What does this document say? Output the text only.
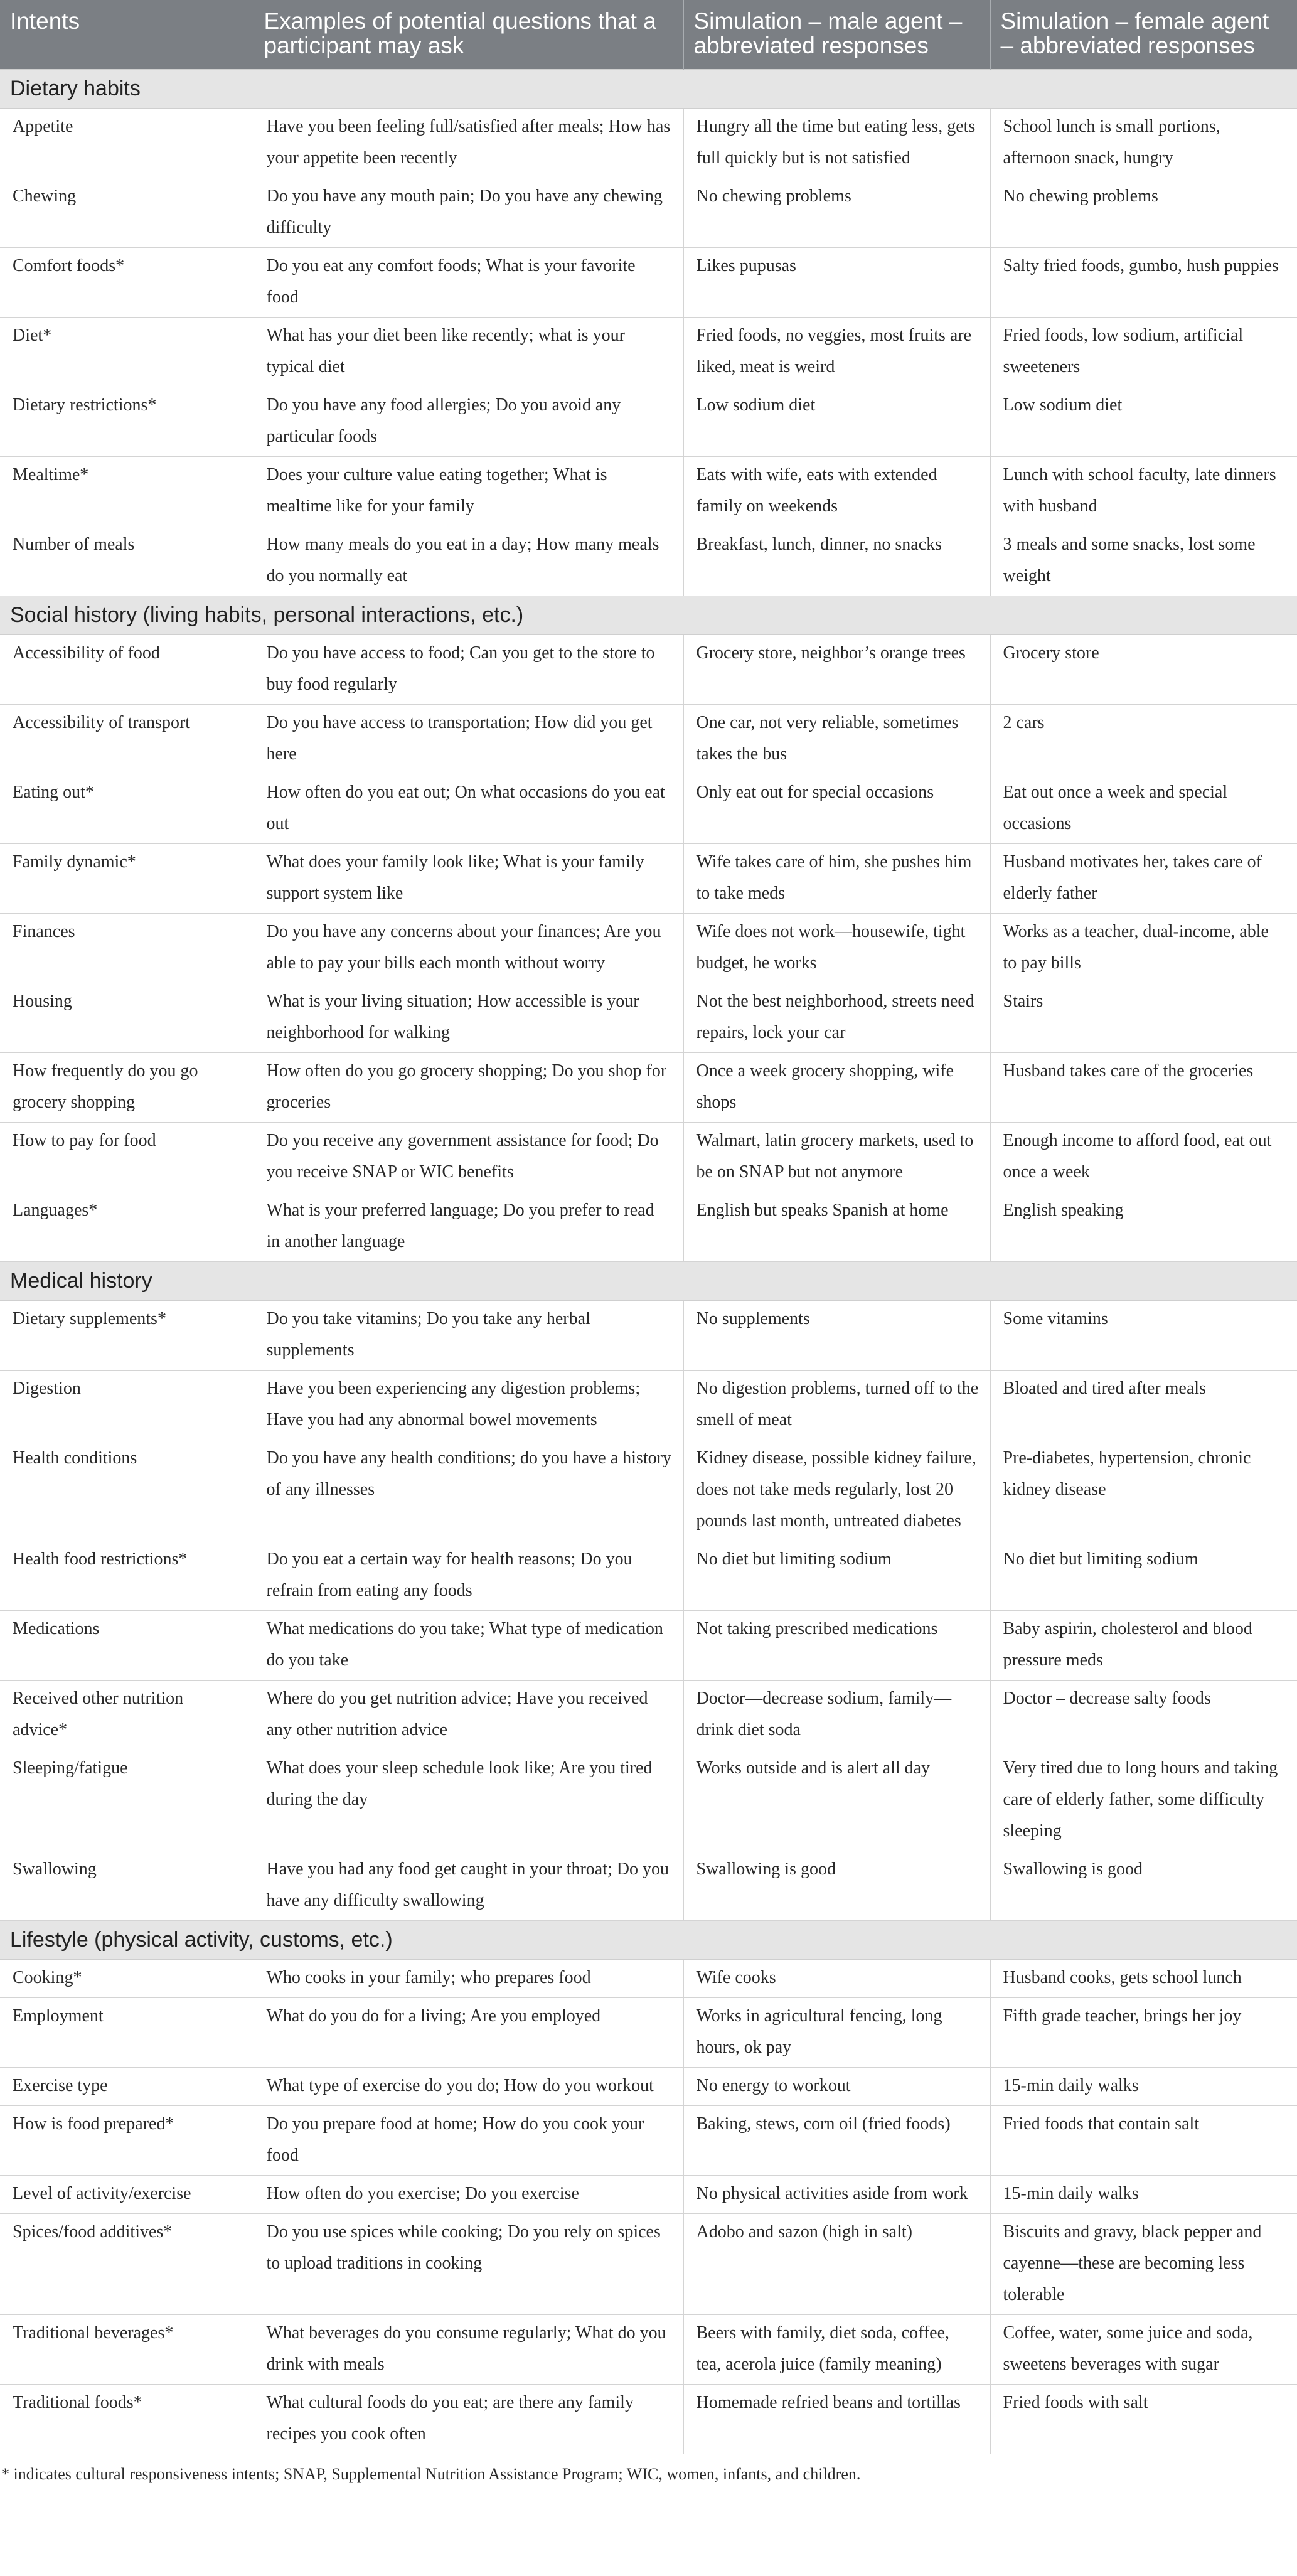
Intents	Examples of potential questions that a participant may ask	Simulation – male agent – abbreviated responses	Simulation – female agent – abbreviated responses
Dietary habits			
Appetite	Have you been feeling full/satisfied after meals; How has your appetite been recently	Hungry all the time but eating less, gets full quickly but is not satisfied	School lunch is small portions, afternoon snack, hungry
Chewing	Do you have any mouth pain; Do you have any chewing difficulty	No chewing problems	No chewing problems
Comfort foods*	Do you eat any comfort foods; What is your favorite food	Likes pupusas	Salty fried foods, gumbo, hush puppies
Diet*	What has your diet been like recently; what is your typical diet	Fried foods, no veggies, most fruits are liked, meat is weird	Fried foods, low sodium, artificial sweeteners
Dietary restrictions*	Do you have any food allergies; Do you avoid any particular foods	Low sodium diet	Low sodium diet
Mealtime*	Does your culture value eating together; What is mealtime like for your family	Eats with wife, eats with extended family on weekends	Lunch with school faculty, late dinners with husband
Number of meals	How many meals do you eat in a day; How many meals do you normally eat	Breakfast, lunch, dinner, no snacks	3 meals and some snacks, lost some weight
Social history (living habits, personal interactions, etc.)			
Accessibility of food	Do you have access to food; Can you get to the store to buy food regularly	Grocery store, neighbor’s orange trees	Grocery store
Accessibility of transport	Do you have access to transportation; How did you get here	One car, not very reliable, sometimes takes the bus	2 cars
Eating out*	How often do you eat out; On what occasions do you eat out	Only eat out for special occasions	Eat out once a week and special occasions
Family dynamic*	What does your family look like; What is your family support system like	Wife takes care of him, she pushes him to take meds	Husband motivates her, takes care of elderly father
Finances	Do you have any concerns about your finances; Are you able to pay your bills each month without worry	Wife does not work—housewife, tight budget, he works	Works as a teacher, dual-income, able to pay bills
Housing	What is your living situation; How accessible is your neighborhood for walking	Not the best neighborhood, streets need repairs, lock your car	Stairs
How frequently do you go grocery shopping	How often do you go grocery shopping; Do you shop for groceries	Once a week grocery shopping, wife shops	Husband takes care of the groceries
How to pay for food	Do you receive any government assistance for food; Do you receive SNAP or WIC benefits	Walmart, latin grocery markets, used to be on SNAP but not anymore	Enough income to afford food, eat out once a week
Languages*	What is your preferred language; Do you prefer to read in another language	English but speaks Spanish at home	English speaking
Medical history			
Dietary supplements*	Do you take vitamins; Do you take any herbal supplements	No supplements	Some vitamins
Digestion	Have you been experiencing any digestion problems; Have you had any abnormal bowel movements	No digestion problems, turned off to the smell of meat	Bloated and tired after meals
Health conditions	Do you have any health conditions; do you have a history of any illnesses	Kidney disease, possible kidney failure, does not take meds regularly, lost 20 pounds last month, untreated diabetes	Pre-diabetes, hypertension, chronic kidney disease
Health food restrictions*	Do you eat a certain way for health reasons; Do you refrain from eating any foods	No diet but limiting sodium	No diet but limiting sodium
Medications	What medications do you take; What type of medication do you take	Not taking prescribed medications	Baby aspirin, cholesterol and blood pressure meds
Received other nutrition advice*	Where do you get nutrition advice; Have you received any other nutrition advice	Doctor—decrease sodium, family—drink diet soda	Doctor – decrease salty foods
Sleeping/fatigue	What does your sleep schedule look like; Are you tired during the day	Works outside and is alert all day	Very tired due to long hours and taking care of elderly father, some difficulty sleeping
Swallowing	Have you had any food get caught in your throat; Do you have any difficulty swallowing	Swallowing is good	Swallowing is good
Lifestyle (physical activity, customs, etc.)			
Cooking*	Who cooks in your family; who prepares food	Wife cooks	Husband cooks, gets school lunch
Employment	What do you do for a living; Are you employed	Works in agricultural fencing, long hours, ok pay	Fifth grade teacher, brings her joy
Exercise type	What type of exercise do you do; How do you workout	No energy to workout	15-min daily walks
How is food prepared*	Do you prepare food at home; How do you cook your food	Baking, stews, corn oil (fried foods)	Fried foods that contain salt
Level of activity/exercise	How often do you exercise; Do you exercise	No physical activities aside from work	15-min daily walks
Spices/food additives*	Do you use spices while cooking; Do you rely on spices to upload traditions in cooking	Adobo and sazon (high in salt)	Biscuits and gravy, black pepper and cayenne—these are becoming less tolerable
Traditional beverages*	What beverages do you consume regularly; What do you drink with meals	Beers with family, diet soda, coffee, tea, acerola juice (family meaning)	Coffee, water, some juice and soda, sweetens beverages with sugar
Traditional foods*	What cultural foods do you eat; are there any family recipes you cook often	Homemade refried beans and tortillas	Fried foods with salt
* indicates cultural responsiveness intents; SNAP, Supplemental Nutrition Assistance Program; WIC, women, infants, and children.
